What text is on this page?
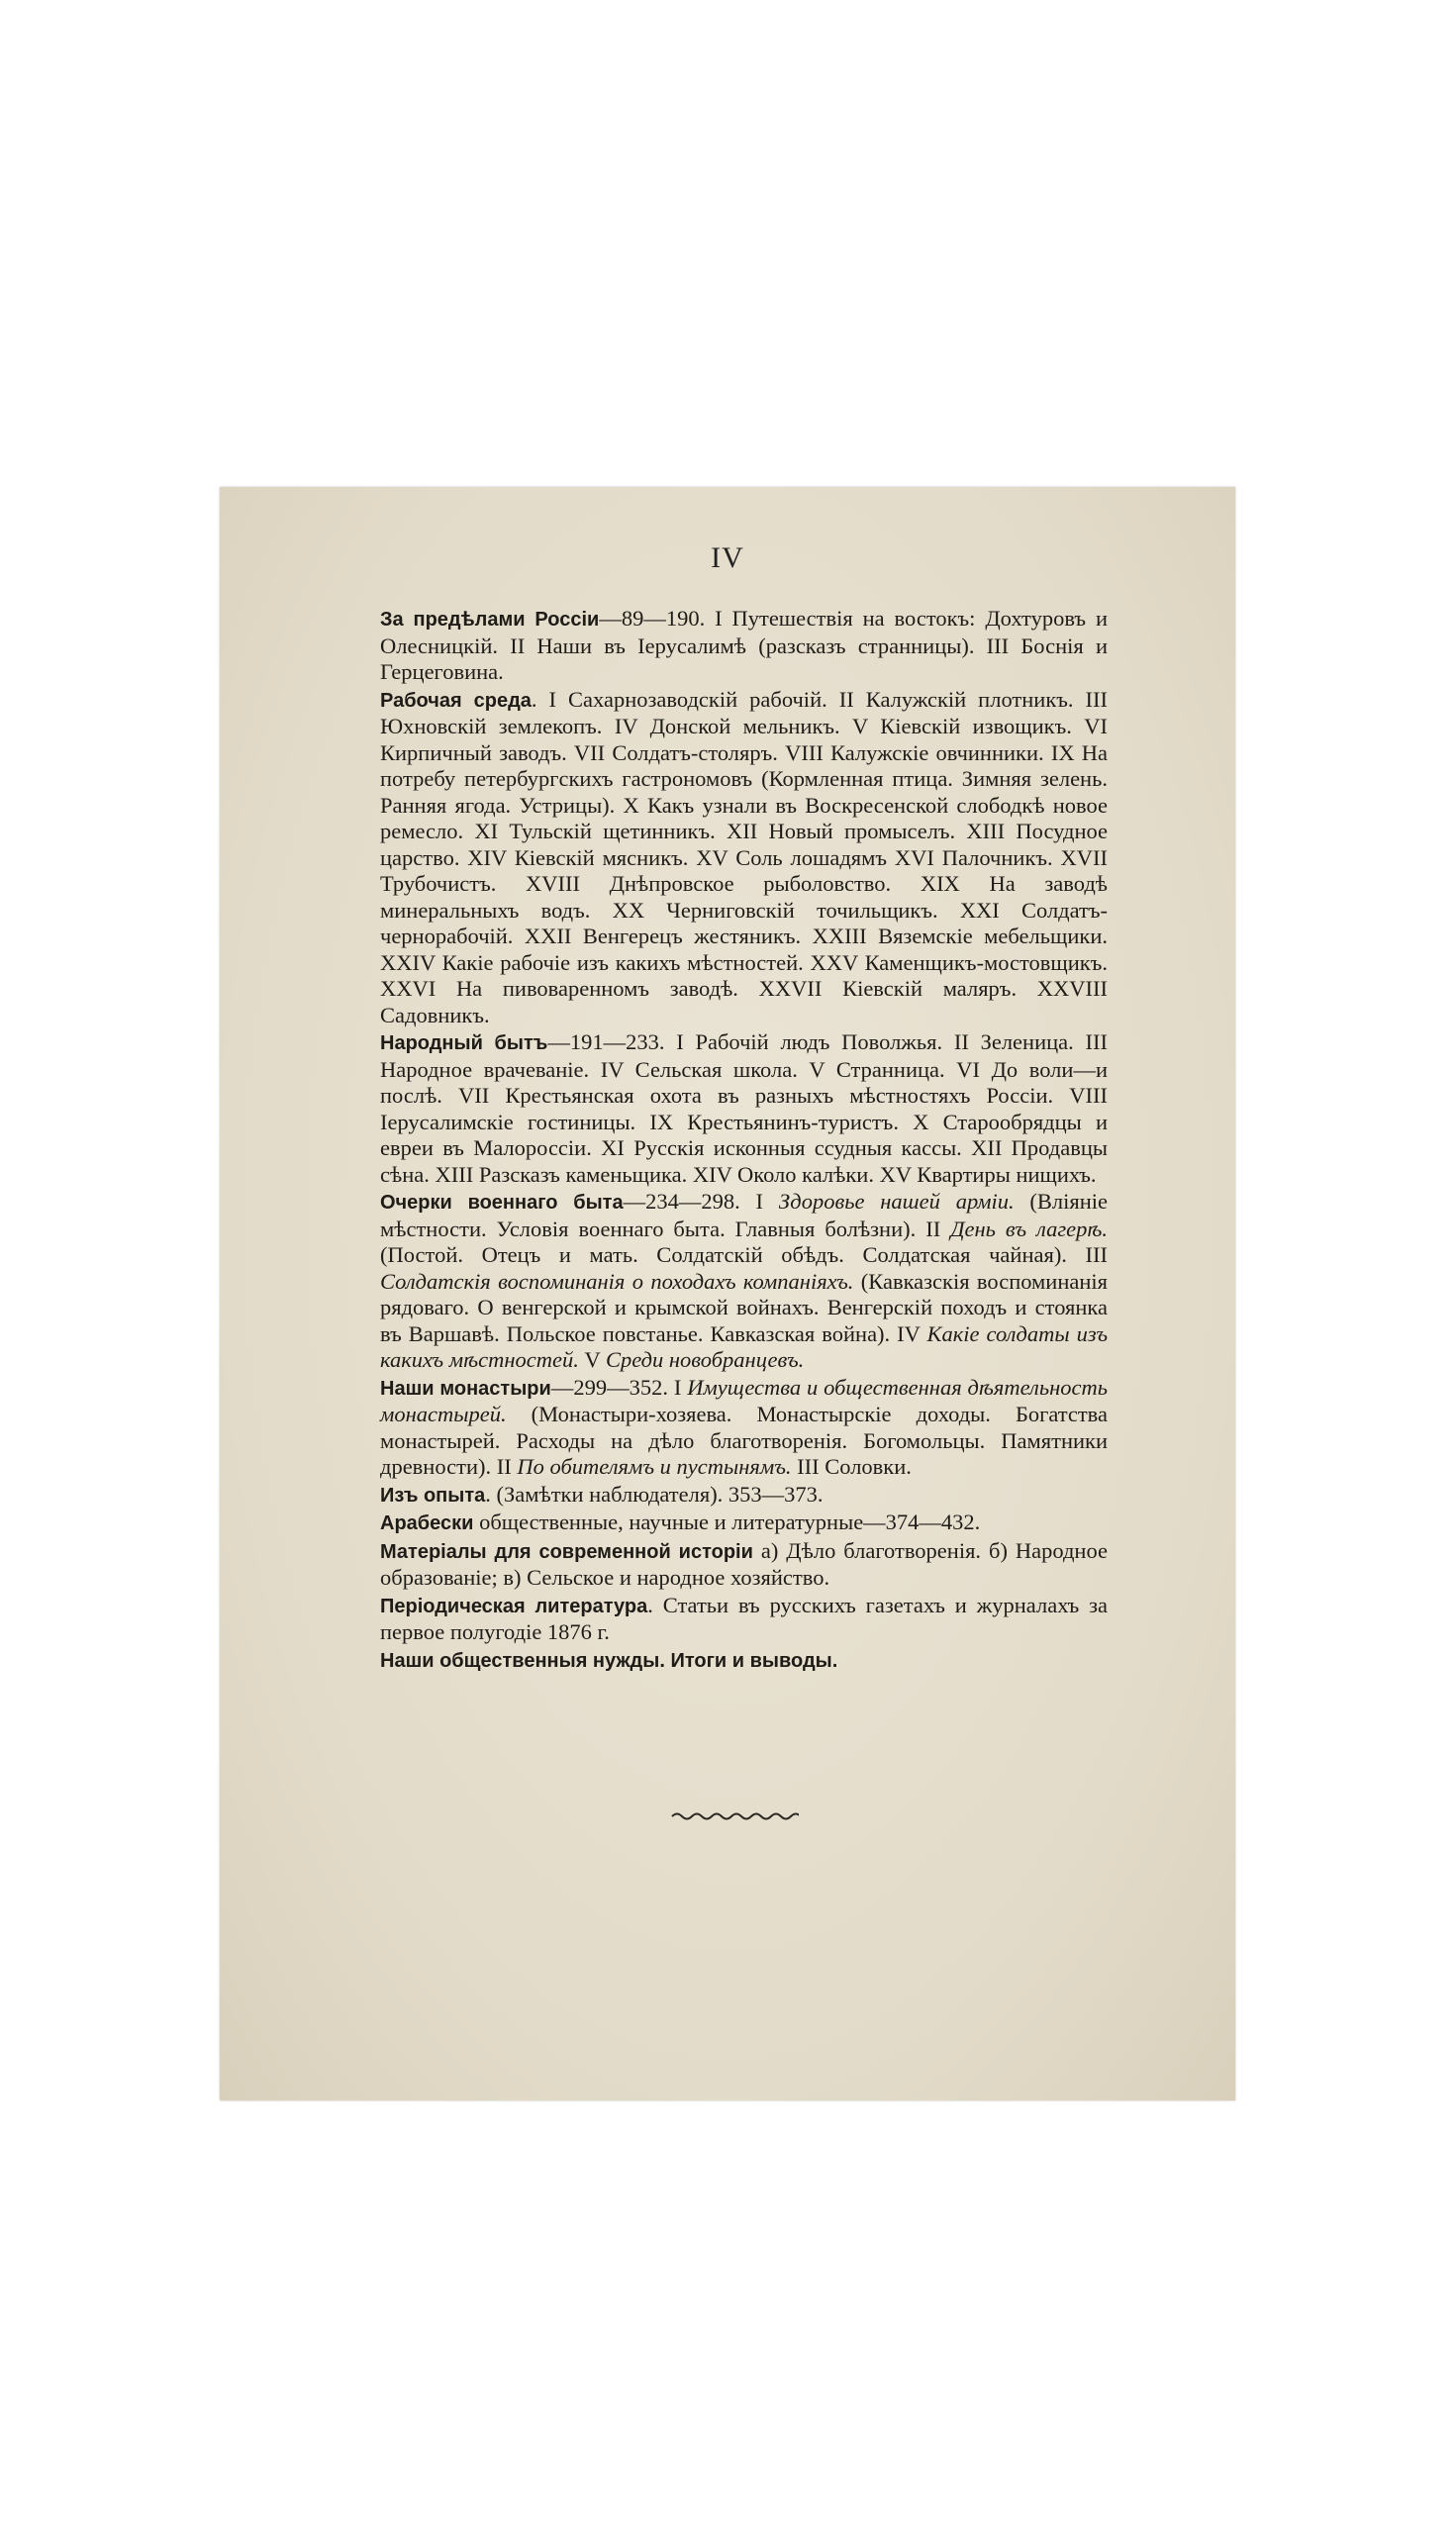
IV

За предѣлами Россіи—89—190. I Путешествія на востокъ: Дохтуровъ и Олесницкій. II Наши въ Іерусалимѣ (разсказъ странницы). III Боснія и Герцеговина.

Рабочая среда. I Сахарнозаводскій рабочій. II Калужскій плотникъ. III Юхновскій землекопъ. IV Донской мельникъ. V Кіевскій извощикъ. VI Кирпичный заводъ. VII Солдатъ-столяръ. VIII Калужскіе овчинники. IX На потребу петербургскихъ гастрономовъ (Кормленная птица. Зимняя зелень. Ранняя ягода. Устрицы). X Какъ узнали въ Воскресенской слободкѣ новое ремесло. XI Тульскій щетинникъ. XII Новый промыселъ. XIII Посудное царство. XIV Кіевскій мясникъ. XV Соль лошадямъ XVI Палочникъ. XVII Трубочистъ. XVIII Днѣпровское рыболовство. XIX На заводѣ минеральныхъ водъ. XX Черниговскій точильщикъ. XXI Солдатъ-чернорабочій. XXII Венгерецъ жестяникъ. XXIII Вяземскіе мебельщики. XXIV Какіе рабочіе изъ какихъ мѣстностей. XXV Каменщикъ-мостовщикъ. XXVI На пивоваренномъ заводѣ. XXVII Кіевскій маляръ. XXVIII Садовникъ.

Народный бытъ—191—233. I Рабочій людъ Поволжья. II Зеленица. III Народное врачеваніе. IV Сельская школа. V Странница. VI До воли—и послѣ. VII Крестьянская охота въ разныхъ мѣстностяхъ Россіи. VIII Іерусалимскіе гостиницы. IX Крестьянинъ-туристъ. X Старообрядцы и евреи въ Малороссіи. XI Русскія исконныя ссудныя кассы. XII Продавцы сѣна. XIII Разсказъ каменьщика. XIV Около калѣки. XV Квартиры нищихъ.

Очерки военнаго быта—234—298. I Здоровье нашей арміи. (Вліяніе мѣстности. Условія военнаго быта. Главныя болѣзни). II День въ лагерѣ. (Постой. Отецъ и мать. Солдатскій обѣдъ. Солдатская чайная). III Солдатскія воспоминанія о походахъ компаніяхъ. (Кавказскія воспоминанія рядоваго. О венгерской и крымской войнахъ. Венгерскій походъ и стоянка въ Варшавѣ. Польское повстанье. Кавказская война). IV Какіе солдаты изъ какихъ мѣстностей. V Среди новобранцевъ.

Наши монастыри—299—352. I Имущества и общественная дѣятельность монастырей. (Монастыри-хозяева. Монастырскіе доходы. Богатства монастырей. Расходы на дѣло благотворенія. Богомольцы. Памятники древности). II По обителямъ и пустынямъ. III Соловки.

Изъ опыта. (Замѣтки наблюдателя). 353—373.

Арабески общественные, научные и литературные—374—432.

Матеріалы для современной исторіи а) Дѣло благотворенія. б) Народное образованіе; в) Сельское и народное хозяйство.

Періодическая литература. Статьи въ русскихъ газетахъ и журналахъ за первое полугодіе 1876 г.

Наши общественныя нужды. Итоги и выводы.
